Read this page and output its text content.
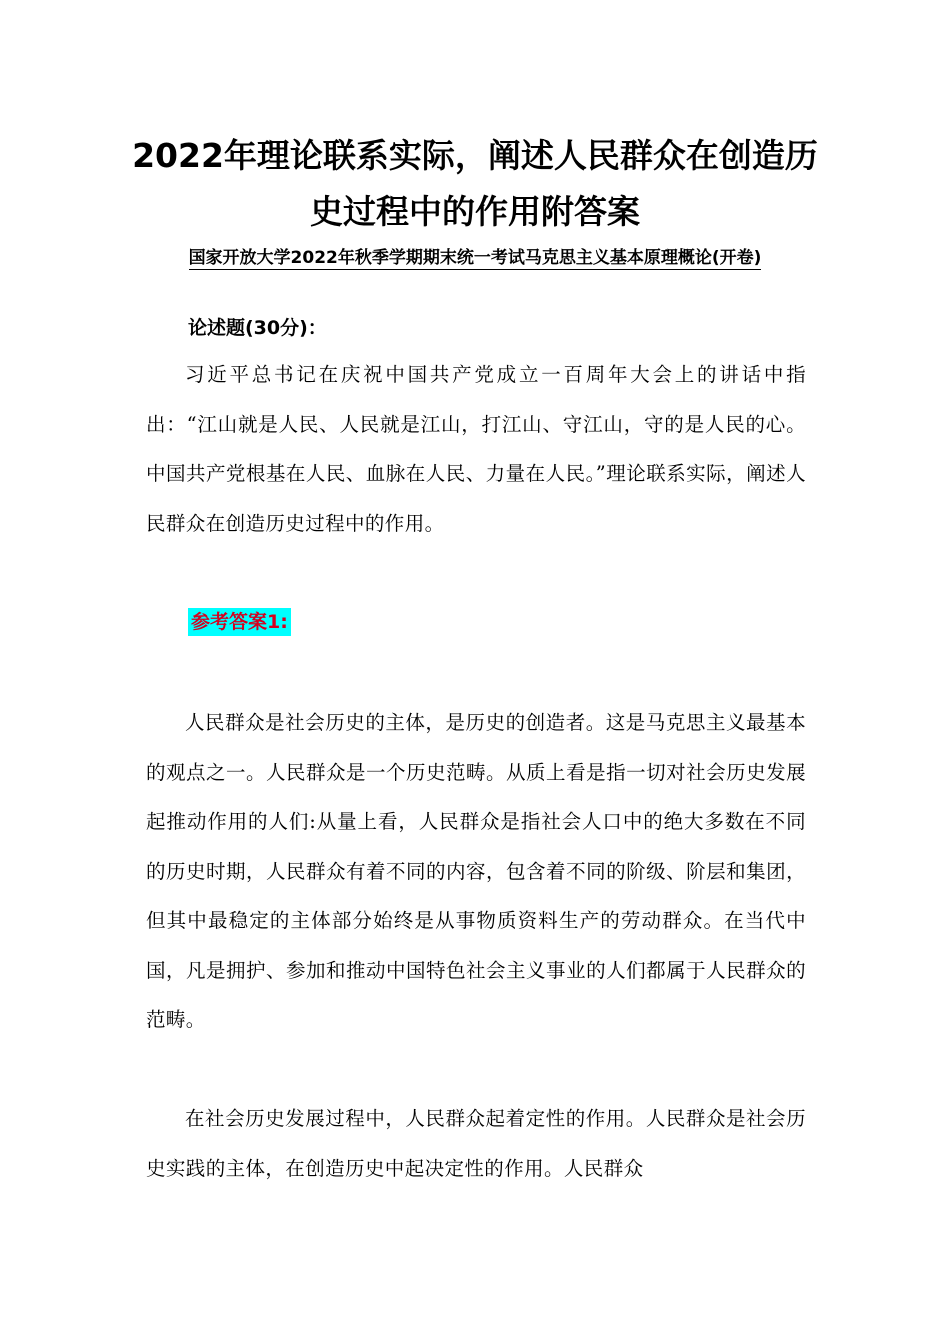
2022年理论联系实际，阐述人民群众在创造历史过程中的作用附答案

国家开放大学2022年秋季学期期末统一考试马克思主义基本原理概论(开卷)

论述题(30分)：

习近平总书记在庆祝中国共产党成立一百周年大会上的讲话中指出：“江山就是人民、人民就是江山，打江山、守江山，守的是人民的心。中国共产党根基在人民、血脉在人民、力量在人民。”理论联系实际，阐述人民群众在创造历史过程中的作用。

参考答案1:

人民群众是社会历史的主体，是历史的创造者。这是马克思主义最基本的观点之一。人民群众是一个历史范畴。从质上看是指一切对社会历史发展起推动作用的人们:从量上看，人民群众是指社会人口中的绝大多数在不同的历史时期，人民群众有着不同的内容，包含着不同的阶级、阶层和集团，但其中最稳定的主体部分始终是从事物质资料生产的劳动群众。在当代中国，凡是拥护、参加和推动中国特色社会主义事业的人们都属于人民群众的范畴。

在社会历史发展过程中，人民群众起着定性的作用。人民群众是社会历史实践的主体，在创造历史中起决定性的作用。人民群众
